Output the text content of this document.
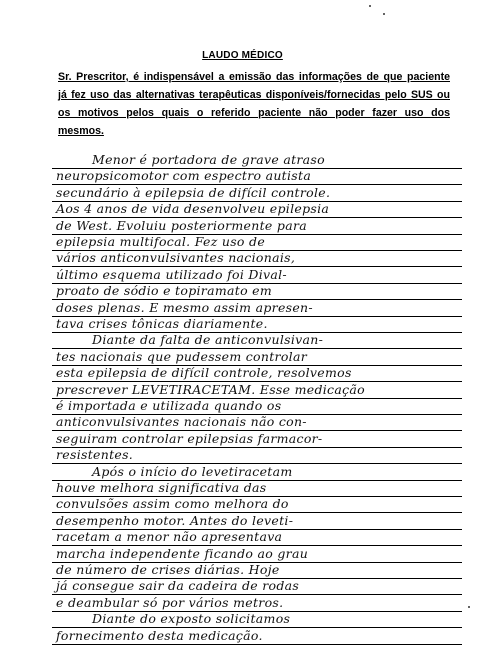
LAUDO MÉDICO
Sr. Prescritor, é indispensável a emissão das informações de que paciente já fez uso das alternativas terapêuticas disponíveis/fornecidas pelo SUS ou os motivos pelos quais o referido paciente não poder fazer uso dos mesmos.
Menor é portadora de grave atraso
neuropsicomotor com espectro autista
secundário à epilepsia de difícil controle.
Aos 4 anos de vida desenvolveu epilepsia
de West. Evoluiu posteriormente para
epilepsia multifocal. Fez uso de
vários anticonvulsivantes nacionais,
último esquema utilizado foi Dival-
proato de sódio e topiramato em
doses plenas. E mesmo assim apresen-
tava crises tônicas diariamente.
Diante da falta de anticonvulsivan-
tes nacionais que pudessem controlar
esta epilepsia de difícil controle, resolvemos
prescrever LEVETIRACETAM. Esse medicação
é importada e utilizada quando os
anticonvulsivantes nacionais não con-
seguiram controlar epilepsias farmacor-
resistentes.
Após o início do levetiracetam
houve melhora significativa das
convulsões assim como melhora do
desempenho motor. Antes do leveti-
racetam a menor não apresentava
marcha independente ficando ao grau
de número de crises diárias. Hoje
já consegue sair da cadeira de rodas
e deambular só por vários metros.
Diante do exposto solicitamos
fornecimento desta medicação.
